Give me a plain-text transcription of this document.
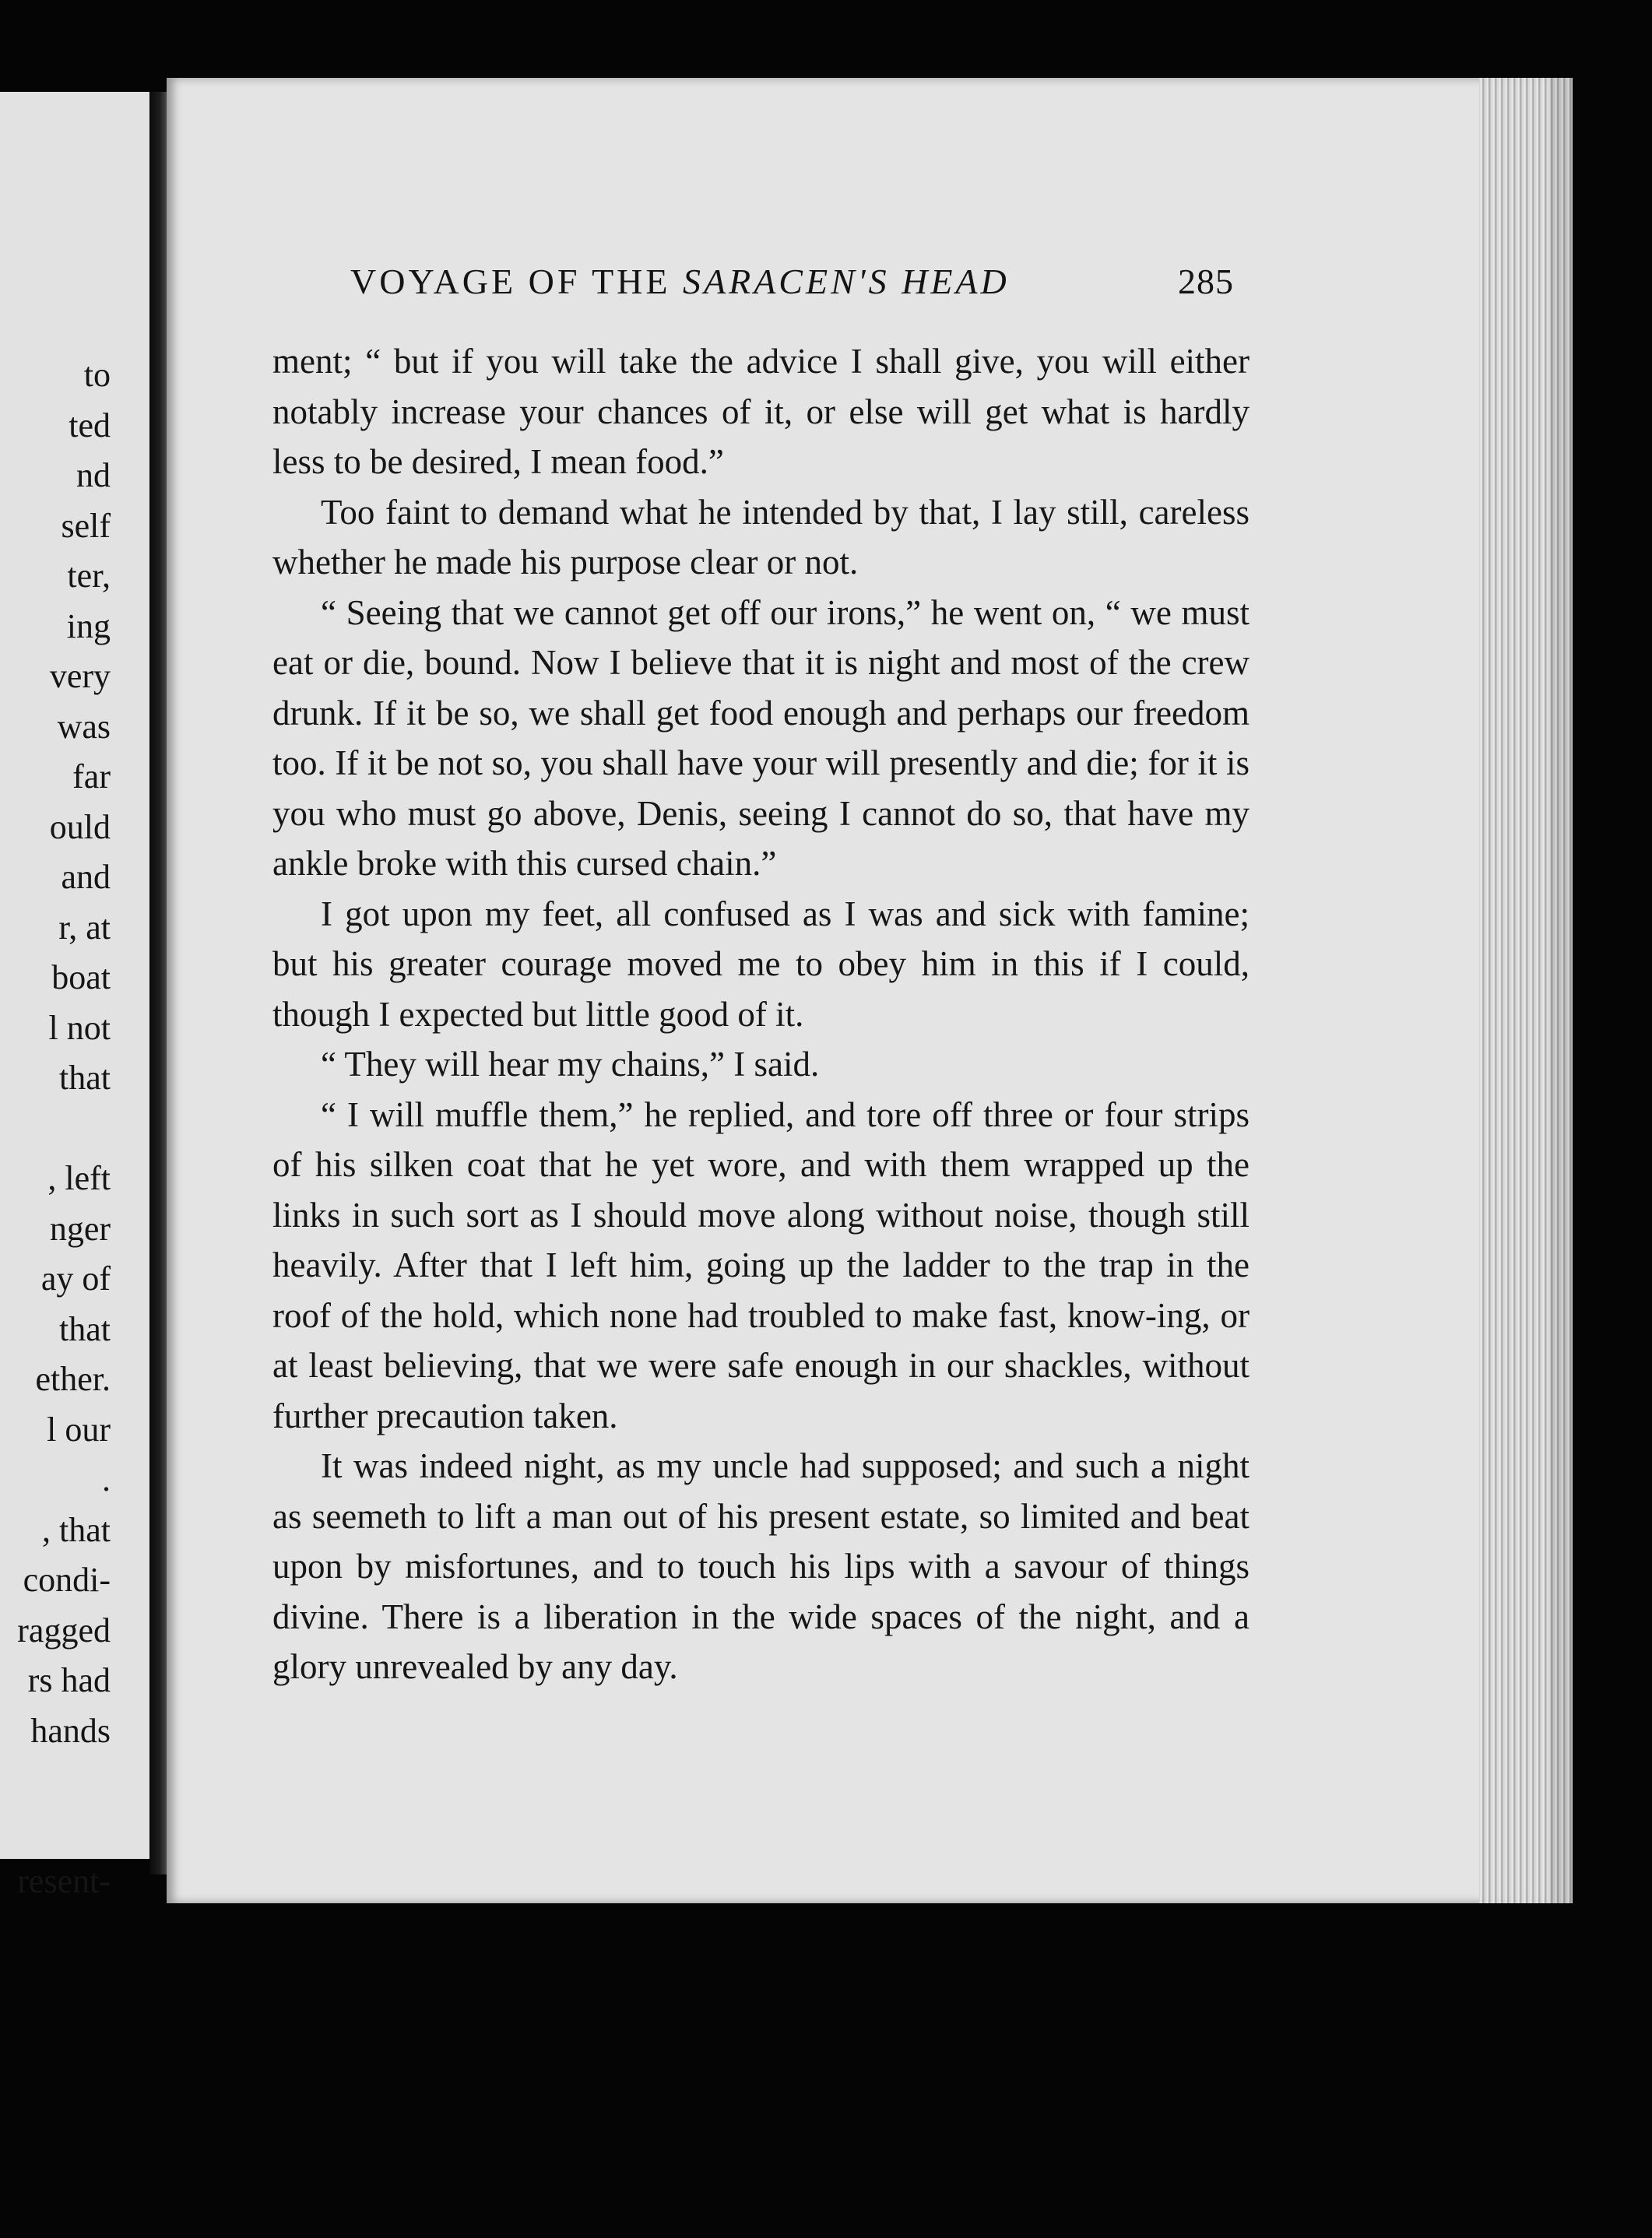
to
ted
nd
self
ter,
ing
very
was
far
ould
and
r, at
boat
l not
that
, left
nger
ay of
that
ether.
l our
.
, that
condi-
ragged
rs had
hands
resent-
VOYAGE OF THE SARACEN'S HEAD	285

ment; “ but if you will take the advice I shall give, you will either notably increase your chances of it, or else will get what is hardly less to be desired, I mean food.”

Too faint to demand what he intended by that, I lay still, careless whether he made his purpose clear or not.

“ Seeing that we cannot get off our irons,” he went on, “ we must eat or die, bound. Now I believe that it is night and most of the crew drunk. If it be so, we shall get food enough and perhaps our freedom too. If it be not so, you shall have your will presently and die; for it is you who must go above, Denis, seeing I cannot do so, that have my ankle broke with this cursed chain.”

I got upon my feet, all confused as I was and sick with famine; but his greater courage moved me to obey him in this if I could, though I expected but little good of it.

“ They will hear my chains,” I said.

“ I will muffle them,” he replied, and tore off three or four strips of his silken coat that he yet wore, and with them wrapped up the links in such sort as I should move along without noise, though still heavily. After that I left him, going up the ladder to the trap in the roof of the hold, which none had troubled to make fast, know-ing, or at least believing, that we were safe enough in our shackles, without further precaution taken.

It was indeed night, as my uncle had supposed; and such a night as seemeth to lift a man out of his present estate, so limited and beat upon by misfortunes, and to touch his lips with a savour of things divine. There is a liberation in the wide spaces of the night, and a glory unrevealed by any day.
